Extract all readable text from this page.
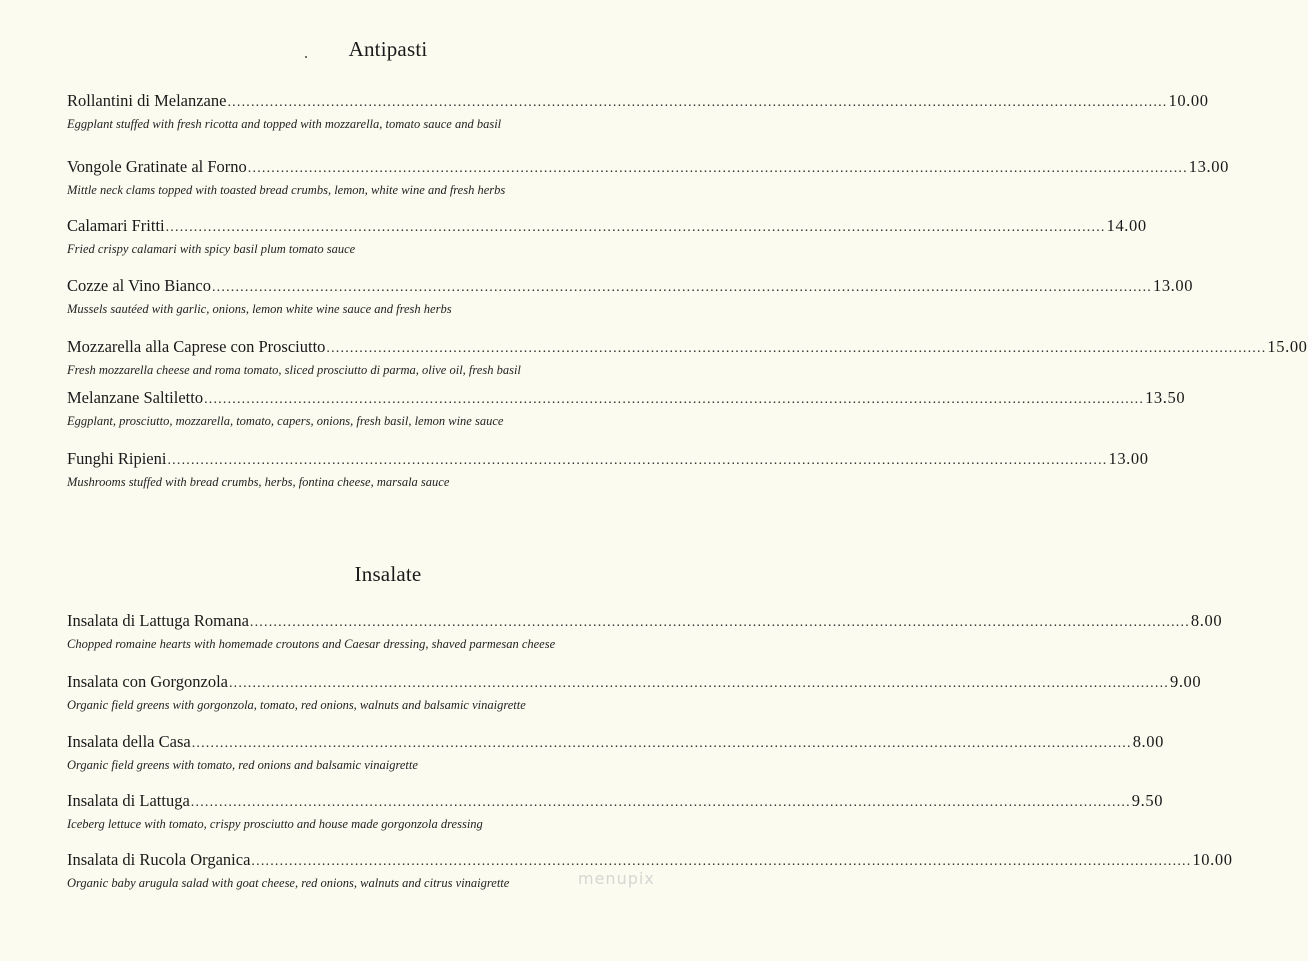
Antipasti
Rollantini di Melanzane ........................................................................................................................................................................................................ 10.00
Eggplant stuffed with fresh ricotta and topped with mozzarella, tomato sauce and basil
Vongole Gratinate al Forno ........................................................................................................................................................................................................ 13.00
Mittle neck clams topped with toasted bread crumbs, lemon, white wine and fresh herbs
Calamari Fritti ........................................................................................................................................................................................................ 14.00
Fried crispy calamari with spicy basil plum tomato sauce
Cozze al Vino Bianco ........................................................................................................................................................................................................ 13.00
Mussels sautéed with garlic, onions, lemon white wine sauce and fresh herbs
Mozzarella alla Caprese con Prosciutto ........................................................................................................................................................................................................ 15.00
Fresh mozzarella cheese and roma tomato, sliced prosciutto di parma, olive oil, fresh basil
Melanzane Saltiletto ........................................................................................................................................................................................................ 13.50
Eggplant, prosciutto, mozzarella, tomato, capers, onions, fresh basil, lemon wine sauce
Funghi Ripieni ........................................................................................................................................................................................................ 13.00
Mushrooms stuffed with bread crumbs, herbs, fontina cheese, marsala sauce
Insalate
Insalata di Lattuga Romana ........................................................................................................................................................................................................ 8.00
Chopped romaine hearts with homemade croutons and Caesar dressing, shaved parmesan cheese
Insalata con Gorgonzola ........................................................................................................................................................................................................ 9.00
Organic field greens with gorgonzola, tomato, red onions, walnuts and balsamic vinaigrette
Insalata della Casa ........................................................................................................................................................................................................ 8.00
Organic field greens with tomato, red onions and balsamic vinaigrette
Insalata di Lattuga ........................................................................................................................................................................................................ 9.50
Iceberg lettuce with tomato, crispy prosciutto and house made gorgonzola dressing
Insalata di Rucola Organica ........................................................................................................................................................................................................ 10.00
Organic baby arugula salad with goat cheese, red onions, walnuts and citrus vinaigrette	menupix
